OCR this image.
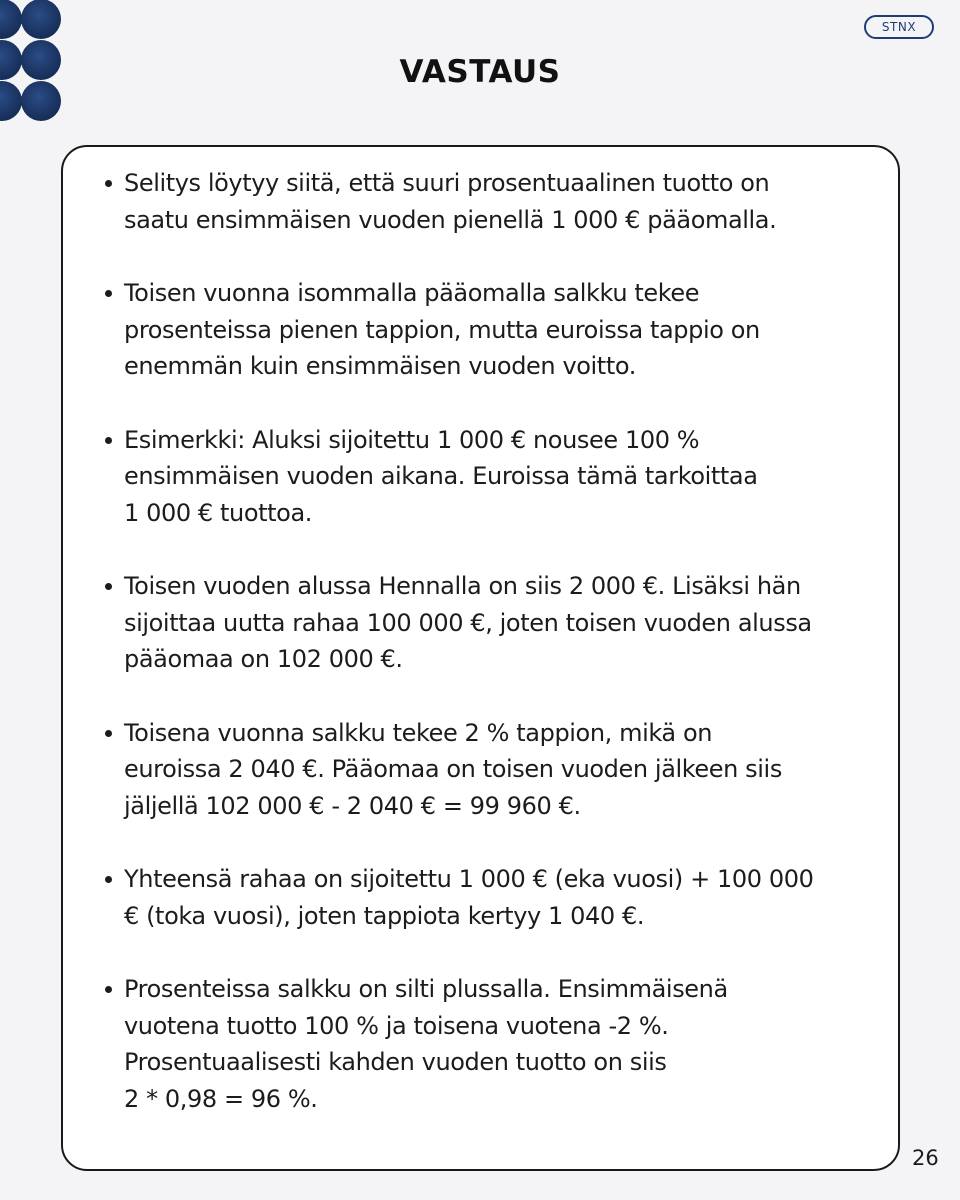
STNX
VASTAUS
Selitys löytyy siitä, että suuri prosentuaalinen tuotto on
saatu ensimmäisen vuoden pienellä 1 000 € pääomalla.
Toisen vuonna isommalla pääomalla salkku tekee
prosenteissa pienen tappion, mutta euroissa tappio on
enemmän kuin ensimmäisen vuoden voitto.
Esimerkki: Aluksi sijoitettu 1 000 € nousee 100 %
ensimmäisen vuoden aikana. Euroissa tämä tarkoittaa
1 000 € tuottoa.
Toisen vuoden alussa Hennalla on siis 2 000 €. Lisäksi hän
sijoittaa uutta rahaa 100 000 €, joten toisen vuoden alussa
pääomaa on 102 000 €.
Toisena vuonna salkku tekee 2 % tappion, mikä on
euroissa 2 040 €. Pääomaa on toisen vuoden jälkeen siis
jäljellä 102 000 € - 2 040 € = 99 960 €.
Yhteensä rahaa on sijoitettu 1 000 € (eka vuosi) + 100 000
€ (toka vuosi), joten tappiota kertyy 1 040 €.
Prosenteissa salkku on silti plussalla. Ensimmäisenä
vuotena tuotto 100 % ja toisena vuotena -2 %.
Prosentuaalisesti kahden vuoden tuotto on siis
2 * 0,98 = 96 %.
26
